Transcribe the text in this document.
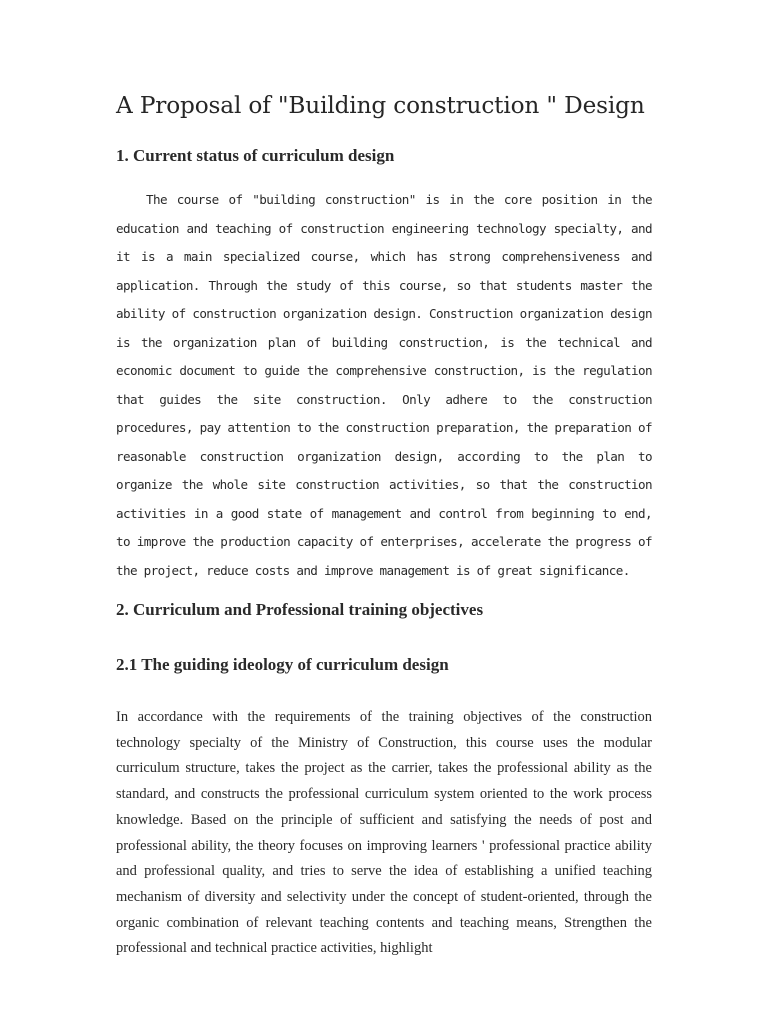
A Proposal of "Building construction " Design
1. Current status of curriculum design

The course of "building construction" is in the core position in the education and teaching of construction engineering technology specialty, and it is a main specialized course, which has strong comprehensiveness and application. Through the study of this course, so that students master the ability of construction organization design. Construction organization design is the organization plan of building construction, is the technical and economic document to guide the comprehensive construction, is the regulation that guides the site construction. Only adhere to the construction procedures, pay attention to the construction preparation, the preparation of reasonable construction organization design, according to the plan to organize the whole site construction activities, so that the construction activities in a good state of management and control from beginning to end, to improve the production capacity of enterprises, accelerate the progress of the project, reduce costs and improve management is of great significance.

2. Curriculum and Professional training objectives
2.1 The guiding ideology of curriculum design

In accordance with the requirements of the training objectives of the construction technology specialty of the Ministry of Construction, this course uses the modular curriculum structure, takes the project as the carrier, takes the professional ability as the standard, and constructs the professional curriculum system oriented to the work process knowledge. Based on the principle of sufficient and satisfying the needs of post and professional ability, the theory focuses on improving learners ' professional practice ability and professional quality, and tries to serve the idea of establishing a unified teaching mechanism of diversity and selectivity under the concept of student-oriented, through the organic combination of relevant teaching contents and teaching means, Strengthen the professional and technical practice activities, highlight
